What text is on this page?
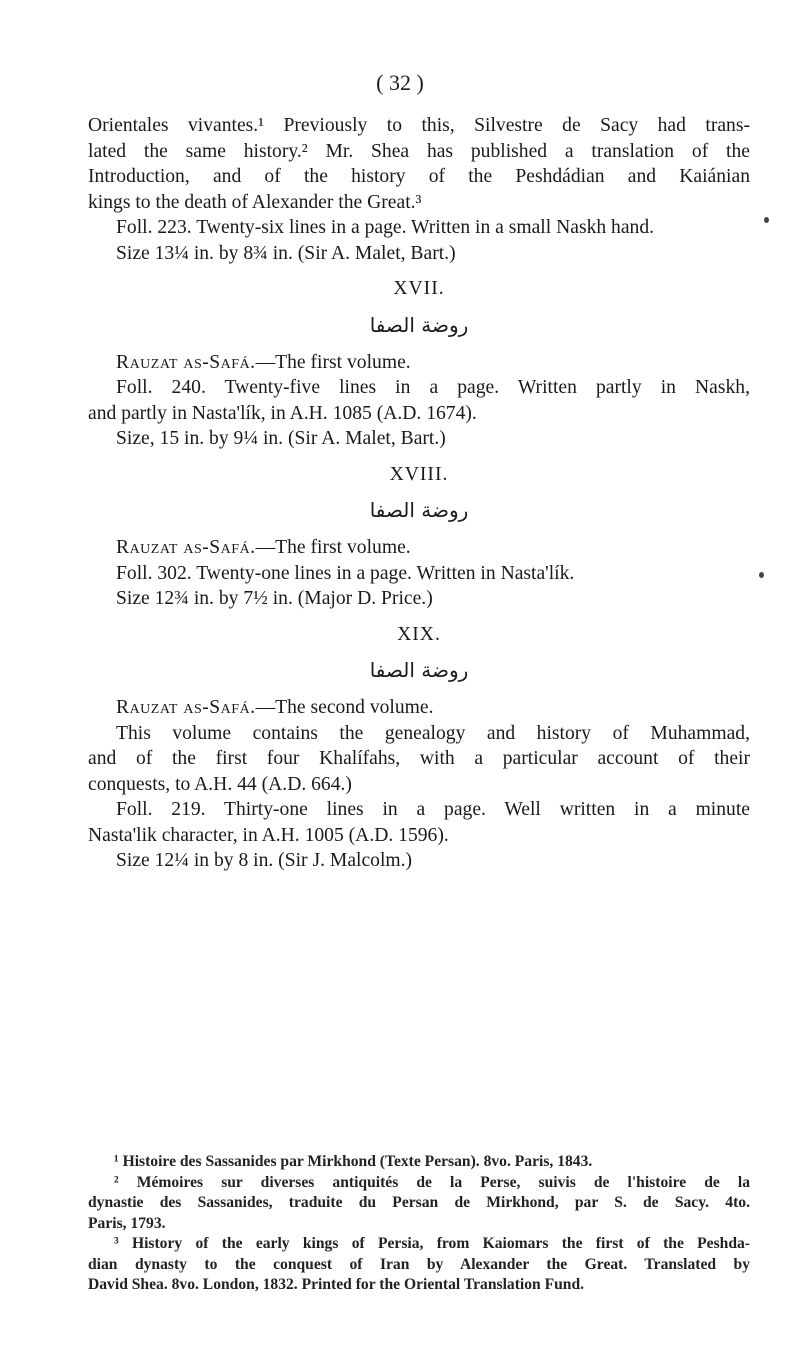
( 32 )

Orientales vivantes.¹ Previously to this, Silvestre de Sacy had trans-
lated the same history.² Mr. Shea has published a translation of the
Introduction, and of the history of the Peshdádian and Kaiánian
kings to the death of Alexander the Great.³

Foll. 223. Twenty-six lines in a page. Written in a small Naskh hand.

Size 13¼ in. by 8¾ in. (Sir A. Malet, Bart.)

XVII.

روضة الصفا

Rauzat as-Safá.—The first volume.

Foll. 240. Twenty-five lines in a page. Written partly in Naskh,

and partly in Nasta'lík, in A.H. 1085 (A.D. 1674).

Size, 15 in. by 9¼ in. (Sir A. Malet, Bart.)

XVIII.

روضة الصفا

Rauzat as-Safá.—The first volume.

Foll. 302. Twenty-one lines in a page. Written in Nasta'lík.

Size 12¾ in. by 7½ in. (Major D. Price.)

XIX.

روضة الصفا

Rauzat as-Safá.—The second volume.

This volume contains the genealogy and history of Muhammad,

and of the first four Khalífahs, with a particular account of their
conquests, to A.H. 44 (A.D. 664.)

Foll. 219. Thirty-one lines in a page. Well written in a minute

Nasta'lik character, in A.H. 1005 (A.D. 1596).

Size 12¼ in by 8 in. (Sir J. Malcolm.)

¹ Histoire des Sassanides par Mirkhond (Texte Persan). 8vo. Paris, 1843.

² Mémoires sur diverses antiquités de la Perse, suivis de l'histoire de la

dynastie des Sassanides, traduite du Persan de Mirkhond, par S. de Sacy. 4to.
Paris, 1793.

³ History of the early kings of Persia, from Kaiomars the first of the Peshda-

dian dynasty to the conquest of Iran by Alexander the Great. Translated by
David Shea. 8vo. London, 1832. Printed for the Oriental Translation Fund.
